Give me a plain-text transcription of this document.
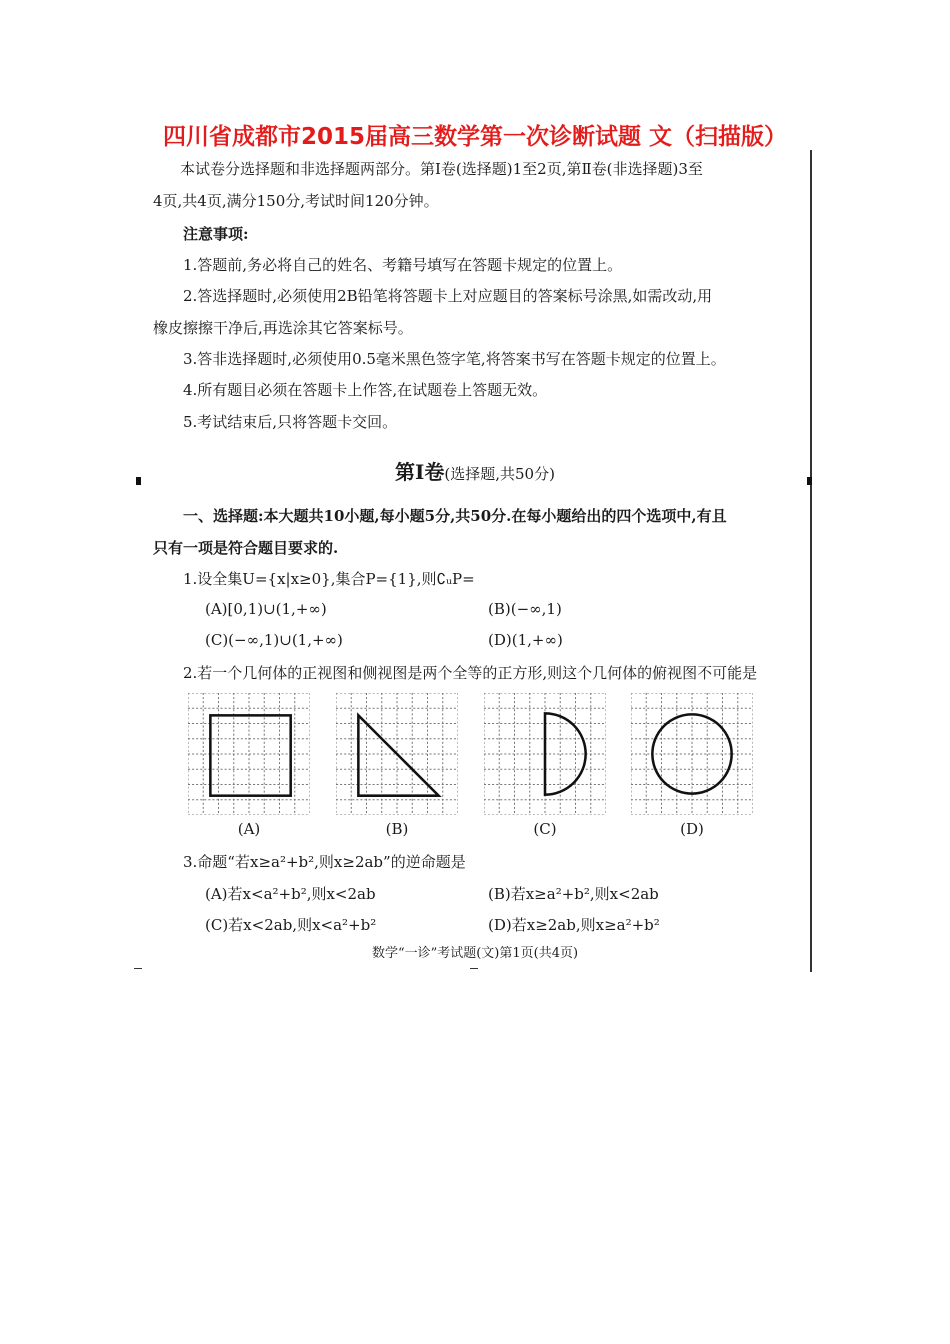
四川省成都市2015届高三数学第一次诊断试题 文（扫描版）
本试卷分选择题和非选择题两部分。第Ⅰ卷(选择题)1至2页,第Ⅱ卷(非选择题)3至
4页,共4页,满分150分,考试时间120分钟。
注意事项:
1.答题前,务必将自己的姓名、考籍号填写在答题卡规定的位置上。
2.答选择题时,必须使用2B铅笔将答题卡上对应题目的答案标号涂黑,如需改动,用
橡皮擦擦干净后,再选涂其它答案标号。
3.答非选择题时,必须使用0.5毫米黑色签字笔,将答案书写在答题卡规定的位置上。
4.所有题目必须在答题卡上作答,在试题卷上答题无效。
5.考试结束后,只将答题卡交回。
第Ⅰ卷(选择题,共50分)
一、选择题:本大题共10小题,每小题5分,共50分.在每小题给出的四个选项中,有且
只有一项是符合题目要求的.
1.设全集U={x|x≥0},集合P={1},则∁ᵤP=
(A)[0,1)∪(1,+∞)	(B)(−∞,1)
(C)(−∞,1)∪(1,+∞)	(D)(1,+∞)
2.若一个几何体的正视图和侧视图是两个全等的正方形,则这个几何体的俯视图不可能是
(A)	(B)	(C)	(D)
3.命题“若x≥a²+b²,则x≥2ab”的逆命题是
(A)若x<a²+b²,则x<2ab	(B)若x≥a²+b²,则x<2ab
(C)若x<2ab,则x<a²+b²	(D)若x≥2ab,则x≥a²+b²
数学“一诊”考试题(文)第1页(共4页)
